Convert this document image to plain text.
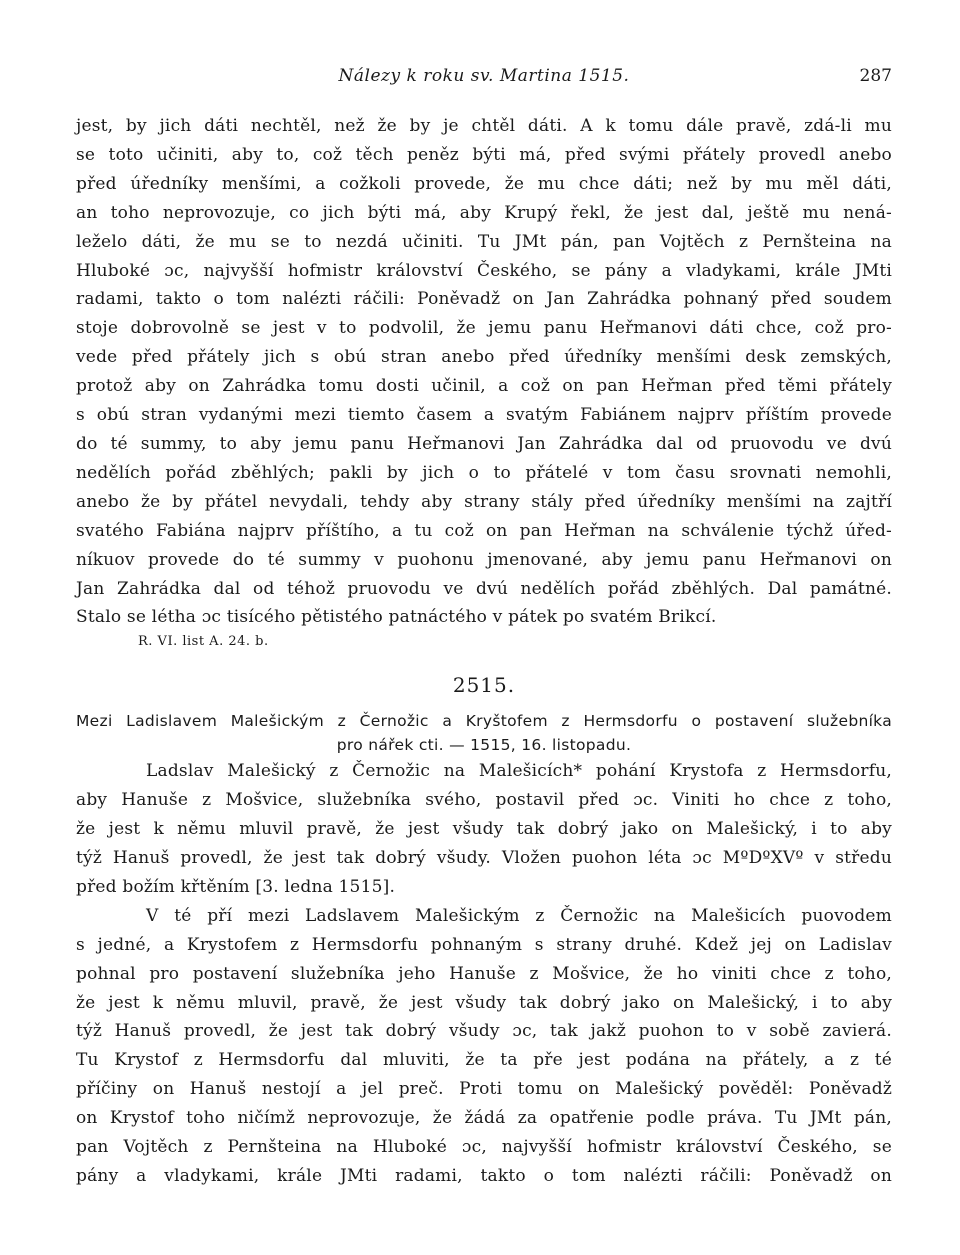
Nálezy k roku sv. Martina 1515.	287

jest, by jich dáti nechtěl, než že by je chtěl dáti. A k tomu dále pravě, zdá-li mu
se toto učiniti, aby to, což těch peněz býti má, před svými přátely provedl anebo
před úředníky menšími, a cožkoli provede, že mu chce dáti; než by mu měl dáti,
an toho neprovozuje, co jich býti má, aby Krupý řekl, že jest dal, ještě mu nená-
leželo dáti, že mu se to nezdá učiniti. Tu JMt pán, pan Vojtěch z Pernšteina na
Hluboké ɔc, najvyšší hofmistr království Českého, se pány a vladykami, krále JMti
radami, takto o tom nalézti ráčili: Poněvadž on Jan Zahrádka pohnaný před soudem
stoje dobrovolně se jest v to podvolil, že jemu panu Heřmanovi dáti chce, což pro-
vede před přátely jich s obú stran anebo před úředníky menšími desk zemských,
protož aby on Zahrádka tomu dosti učinil, a což on pan Heřman před těmi přátely
s obú stran vydanými mezi tiemto časem a svatým Fabiánem najprv příštím provede
do té summy, to aby jemu panu Heřmanovi Jan Zahrádka dal od pruovodu ve dvú
nedělích pořád zběhlých; pakli by jich o to přátelé v tom času srovnati nemohli,
anebo že by přátel nevydali, tehdy aby strany stály před úředníky menšími na zajtří
svatého Fabiána najprv příštího, a tu což on pan Heřman na schválenie týchž úřed-
níkuov provede do té summy v puohonu jmenované, aby jemu panu Heřmanovi on
Jan Zahrádka dal od téhož pruovodu ve dvú nedělích pořád zběhlých. Dal památné.
Stalo se létha ɔc tisícého pětistého patnáctého v pátek po svatém Brikcí.

R. VI. list A. 24. b.
2515.
Mezi Ladislavem Malešickým z Černožic a Kryštofem z Hermsdorfu o postavení služebníka
pro nářek cti. — 1515, 16. listopadu.

Ladslav Malešický z Černožic na Malešicích* pohání Krystofa z Hermsdorfu,
aby Hanuše z Mošvice, služebníka svého, postavil před ɔc. Viniti ho chce z toho,
že jest k němu mluvil pravě, že jest všudy tak dobrý jako on Malešický, i to aby
týž Hanuš provedl, že jest tak dobrý všudy. Vložen puohon léta ɔc MºDºXVº v středu
před božím křtěním [3. ledna 1515].

V té pří mezi Ladslavem Malešickým z Černožic na Malešicích puovodem
s jedné, a Krystofem z Hermsdorfu pohnaným s strany druhé. Kdež jej on Ladislav
pohnal pro postavení služebníka jeho Hanuše z Mošvice, že ho viniti chce z toho,
že jest k němu mluvil, pravě, že jest všudy tak dobrý jako on Malešický, i to aby
týž Hanuš provedl, že jest tak dobrý všudy ɔc, tak jakž puohon to v sobě zavierá.
Tu Krystof z Hermsdorfu dal mluviti, že ta pře jest podána na přátely, a z té
příčiny on Hanuš nestojí a jel preč. Proti tomu on Malešický pověděl: Poněvadž
on Krystof toho ničímž neprovozuje, že žádá za opatřenie podle práva. Tu JMt pán,
pan Vojtěch z Pernšteina na Hluboké ɔc, najvyšší hofmistr království Českého, se
pány a vladykami, krále JMti radami, takto o tom nalézti ráčili: Poněvadž on
